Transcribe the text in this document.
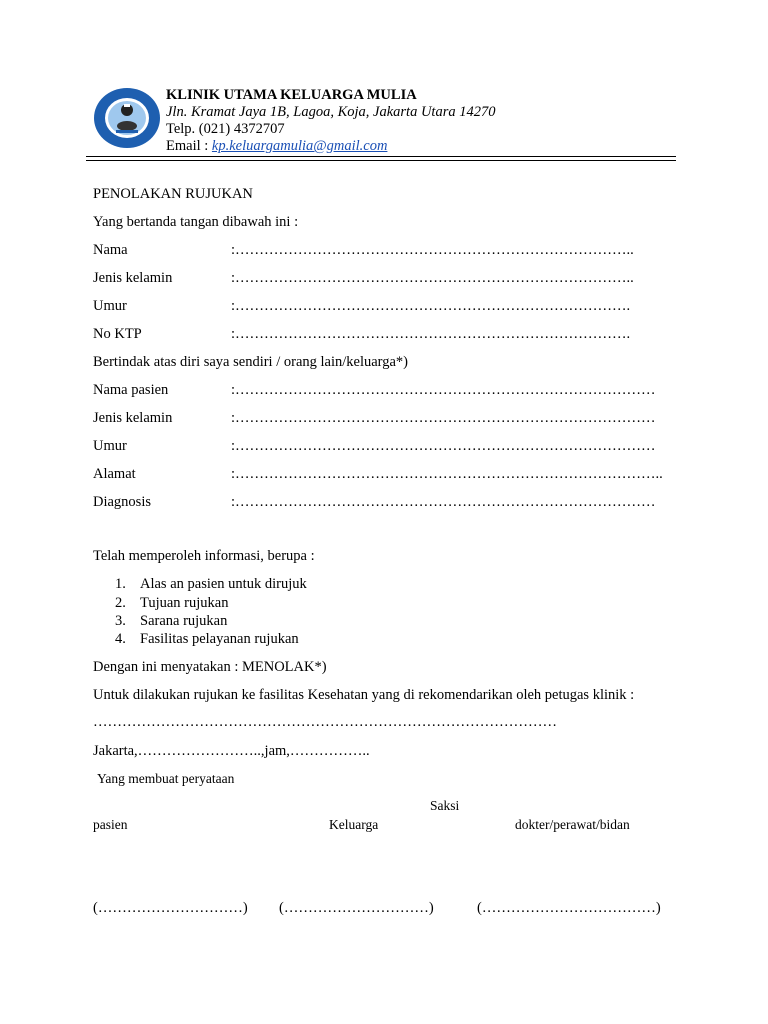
KLINIK UTAMA KELUARGA MULIA
Jln. Kramat Jaya 1B, Lagoa, Koja, Jakarta Utara 14270
Telp. (021) 4372707
Email : kp.keluargamulia@gmail.com
PENOLAKAN RUJUKAN
Yang bertanda tangan dibawah ini :
Nama	:………………………………………………………………………..
Jenis kelamin	:………………………………………………………………………..
Umur	:……………………………………………………………………….
No KTP	:……………………………………………………………………….
Bertindak atas diri saya sendiri / orang lain/keluarga*)
Nama pasien	:……………………………………………………………………………
Jenis kelamin	:……………………………………………………………………………
Umur	:……………………………………………………………………………
Alamat	:……………………………………………………………………………..
Diagnosis	:……………………………………………………………………………
Telah memperoleh informasi, berupa :
1. Alas an pasien untuk dirujuk
2. Tujuan rujukan
3. Sarana rujukan
4. Fasilitas pelayanan rujukan
Dengan ini menyatakan : MENOLAK*)
Untuk dilakukan rujukan ke fasilitas Kesehatan yang di rekomendarikan oleh petugas klinik :
……………………………………………………………………………………
Jakarta,……………………..,jam,……………..
Yang membuat peryataan
Saksi
pasien	Keluarga	dokter/perawat/bidan
(…………………………) (…………………………)	(………………………………)
